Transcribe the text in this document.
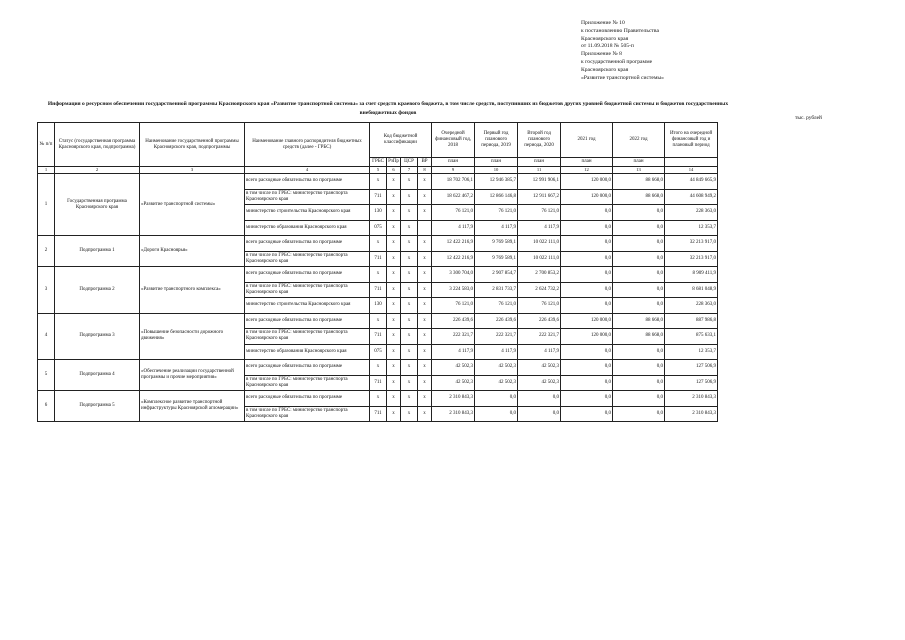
Приложение № 10
к постановлению Правительства
Красноярского края
от 11.09.2018 № 505-п
Приложение № 8
к государственной программе
Красноярского края
«Развитие транспортной системы»
Информация о ресурсном обеспечении государственной программы Красноярского края «Развитие транспортной системы» за счет средств краевого бюджета, в том числе средств, поступивших из бюджетов других уровней бюджетной системы и бюджетов государственных внебюджетных фондов
тыс. рублей
№ п/п	Статус (государственная программа Красноярского края, подпрограмма)	Наименование государственной программы Красноярского края, подпрограммы	Наименование главного распорядителя бюджетных средств (далее - ГРБС)	Код бюджетной классификации				Очередной финансовый год, 2018	Первый год планового периода, 2019	Второй год планового периода, 2020	2021 год	2022 год	Итого на очередной финансовый год и плановый период
				ГРБС	РзПр	ЦСР	ВР	план	план	план	план	план	
1	2	3	4	5	6	7	8	9	10	11	12	13	14
1	Государственная программа Красноярского края	«Развитие транспортной системы»	всего расходные обязательства по программе	х	х	х	х	18 702 706,1	12 946 385,7	12 991 906,1	120 000,0	88 668,0	44 849 665,9
			в том числе по ГРБС: министерство транспорта Красноярского края	711	х	х	х	18 622 467,2	12 866 146,8	12 911 667,2	120 000,0	88 668,0	44 608 949,2
			министерство строительства Красноярского края	130	х	х	х	76 121,0	76 121,0	76 121,0	0,0	0,0	228 363,0
			министерство образования Красноярского края	075	х	х		4 117,9	4 117,9	4 117,9	0,0	0,0	12 353,7
2	Подпрограмма 1	«Дороги Красноярья»	всего расходные обязательства по программе	х	х	х	х	12 422 216,9	9 769 589,1	10 022 111,0	0,0	0,0	32 213 917,0
			в том числе по ГРБС: министерство транспорта Красноярского края	711	х	х	х	12 422 216,9	9 769 589,1	10 022 111,0	0,0	0,0	32 213 917,0
3	Подпрограмма 2	«Развитие транспортного комплекса»	всего расходные обязательства по программе	х	х	х	х	3 300 704,0	2 907 854,7	2 700 853,2	0,0	0,0	8 909 411,9
			в том числе по ГРБС: министерство транспорта Красноярского края	711	х	х	х	3 224 583,0	2 831 733,7	2 624 732,2	0,0	0,0	8 681 048,9
			министерство строительства Красноярского края	130	х	х	х	76 121,0	76 121,0	76 121,0	0,0	0,0	228 363,0
4	Подпрограмма 3	«Повышение безопасности дорожного движения»	всего расходные обязательства по программе	х	х	х	х	226 439,6	226 439,6	226 439,6	120 000,0	88 668,0	887 986,8
			в том числе по ГРБС: министерство транспорта Красноярского края	711	х	х	х	222 321,7	222 321,7	222 321,7	120 000,0	88 668,0	875 633,1
			министерство образования Красноярского края	075	х	х	х	4 117,9	4 117,9	4 117,9	0,0	0,0	12 353,7
5	Подпрограмма 4	«Обеспечение реализации государственной программы и прочие мероприятия»	всего расходные обязательства по программе	х	х	х	х	42 502,3	42 502,3	42 502,3	0,0	0,0	127 506,9
			в том числе по ГРБС: министерство транспорта Красноярского края	711	х	х	х	42 502,3	42 502,3	42 502,3	0,0	0,0	127 506,9
6	Подпрограмма 5	«Комплексное развитие транспортной инфраструктуры Красноярской агломерации»	всего расходные обязательства по программе	х	х	х	х	2 310 843,3	0,0	0,0	0,0	0,0	2 310 843,3
			в том числе по ГРБС: министерство транспорта Красноярского края	711	х	х	х	2 310 843,3	0,0	0,0	0,0	0,0	2 310 843,3
